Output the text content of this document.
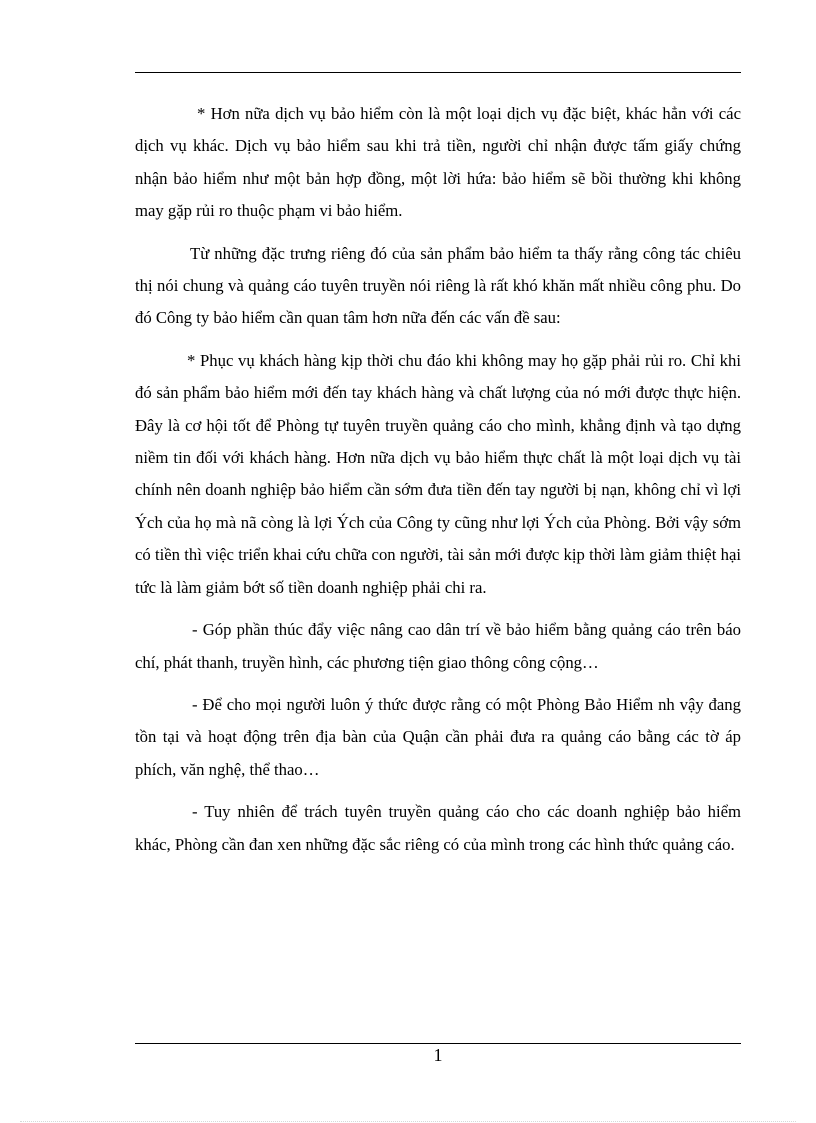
* Hơn nữa dịch vụ bảo hiểm còn là một loại dịch vụ đặc biệt, khác hẳn với các dịch vụ khác. Dịch vụ bảo hiểm sau khi trả tiền, người chỉ nhận được tấm giấy chứng nhận bảo hiểm như một bản hợp đồng, một lời hứa: bảo hiểm sẽ bồi thường khi không may gặp rủi ro thuộc phạm vi bảo hiểm.

Từ những đặc trưng riêng đó của sản phẩm bảo hiểm ta thấy rằng công tác chiêu thị nói chung và quảng cáo tuyên truyền nói riêng là rất khó khăn mất nhiều công phu. Do đó Công ty bảo hiểm cần quan tâm hơn nữa đến các vấn đề sau:

* Phục vụ khách hàng kịp thời chu đáo khi không may họ gặp phải rủi ro. Chỉ khi đó sản phẩm bảo hiểm mới đến tay khách hàng và chất lượng của nó mới được thực hiện. Đây là cơ hội tốt để Phòng tự tuyên truyền quảng cáo cho mình, khẳng định và tạo dựng niềm tin đối với khách hàng. Hơn nữa dịch vụ bảo hiểm thực chất là một loại dịch vụ tài chính nên doanh nghiệp bảo hiểm cần sớm đưa tiền đến tay người bị nạn, không chỉ vì lợi Ých của họ mà nã còng là lợi Ých của Công ty cũng như lợi Ých của Phòng. Bởi vậy sớm có tiền thì việc triển khai cứu chữa con người, tài sản mới được kịp thời làm giảm thiệt hại tức là làm giảm bớt số tiền doanh nghiệp phải chi ra.

- Góp phần thúc đẩy việc nâng cao dân trí về bảo hiểm bằng quảng cáo trên báo chí, phát thanh, truyền hình, các phương tiện giao thông công cộng…

- Để cho mọi người luôn ý thức được rằng có một Phòng Bảo Hiểm nh vậy đang tồn tại và hoạt động trên địa bàn của Quận cần phải đưa ra quảng cáo bằng các tờ áp phích, văn nghệ, thể thao…

- Tuy nhiên để trách tuyên truyền quảng cáo cho các doanh nghiệp bảo hiểm khác, Phòng cần đan xen những đặc sắc riêng có của mình trong các hình thức quảng cáo.

1
